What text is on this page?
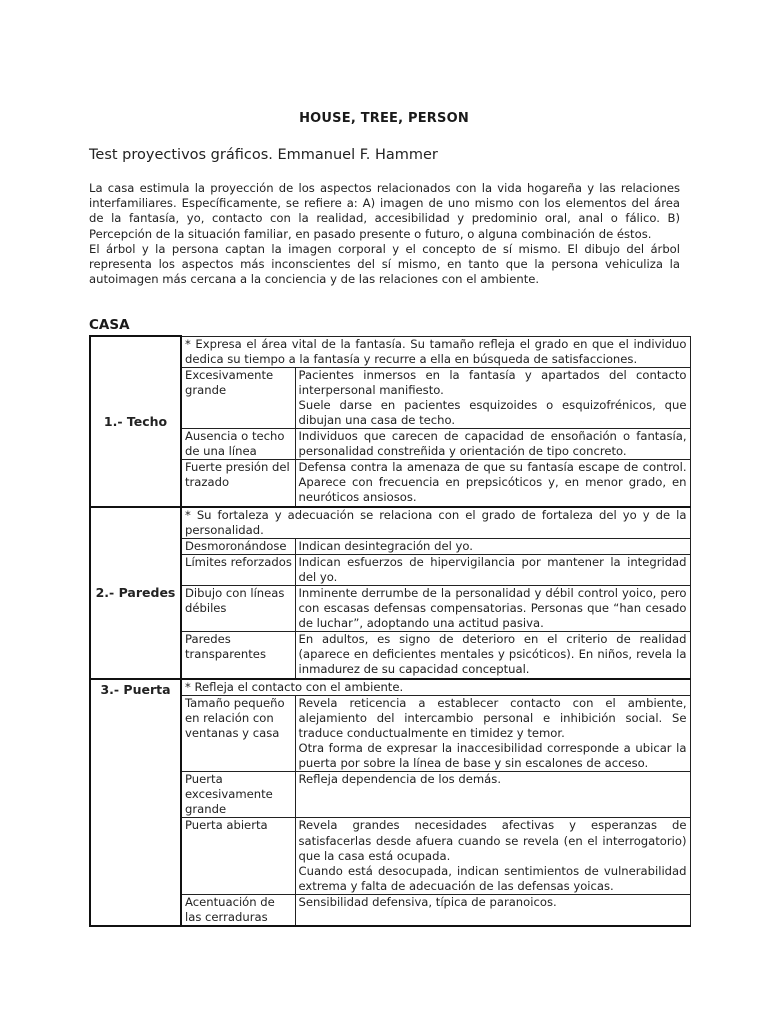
HOUSE, TREE, PERSON
Test proyectivos gráficos. Emmanuel F. Hammer

La casa estimula la proyección de los aspectos relacionados con la vida hogareña y las relaciones interfamiliares. Específicamente, se refiere a: A) imagen de uno mismo con los elementos del área de la fantasía, yo, contacto con la realidad, accesibilidad y predominio oral, anal o fálico. B) Percepción de la situación familiar, en pasado presente o futuro, o alguna combinación de éstos.

El árbol y la persona captan la imagen corporal y el concepto de sí mismo. El dibujo del árbol representa los aspectos más inconscientes del sí mismo, en tanto que la persona vehiculiza la autoimagen más cercana a la conciencia y de las relaciones con el ambiente.

CASA
1.- Techo	* Expresa el área vital de la fantasía. Su tamaño refleja el grado en que el individuo dedica su tiempo a la fantasía y recurre a ella en búsqueda de satisfacciones.	
	Excesivamente grande	Pacientes inmersos en la fantasía y apartados del contacto interpersonal manifiesto.

Suele darse en pacientes esquizoides o esquizofrénicos, que dibujan una casa de techo.

	Ausencia o techo de una línea	Individuos que carecen de capacidad de ensoñación o fantasía, personalidad constreñida y orientación de tipo concreto.

	Fuerte presión del trazado	Defensa contra la amenaza de que su fantasía escape de control. Aparece con frecuencia en prepsicóticos y, en menor grado, en neuróticos ansiosos.

2.- Paredes	* Su fortaleza y adecuación se relaciona con el grado de fortaleza del yo y de la personalidad.	
	Desmoronándose	Indican desintegración del yo.

	Límites reforzados	Indican esfuerzos de hipervigilancia por mantener la integridad del yo.

	Dibujo con líneas débiles	Inminente derrumbe de la personalidad y débil control yoico, pero con escasas defensas compensatorias. Personas que “han cesado de luchar”, adoptando una actitud pasiva.

	Paredes transparentes	En adultos, es signo de deterioro en el criterio de realidad (aparece en deficientes mentales y psicóticos). En niños, revela la inmadurez de su capacidad conceptual.

3.- Puerta	* Refleja el contacto con el ambiente.	
	Tamaño pequeño en relación con ventanas y casa	Revela reticencia a establecer contacto con el ambiente, alejamiento del intercambio personal e inhibición social. Se traduce conductualmente en timidez y temor.

Otra forma de expresar la inaccesibilidad corresponde a ubicar la puerta por sobre la línea de base y sin escalones de acceso.

	Puerta excesivamente grande	Refleja dependencia de los demás.

	Puerta abierta	Revela grandes necesidades afectivas y esperanzas de satisfacerlas desde afuera cuando se revela (en el interrogatorio) que la casa está ocupada.

Cuando está desocupada, indican sentimientos de vulnerabilidad extrema y falta de adecuación de las defensas yoicas.

	Acentuación de las cerraduras	Sensibilidad defensiva, típica de paranoicos.
